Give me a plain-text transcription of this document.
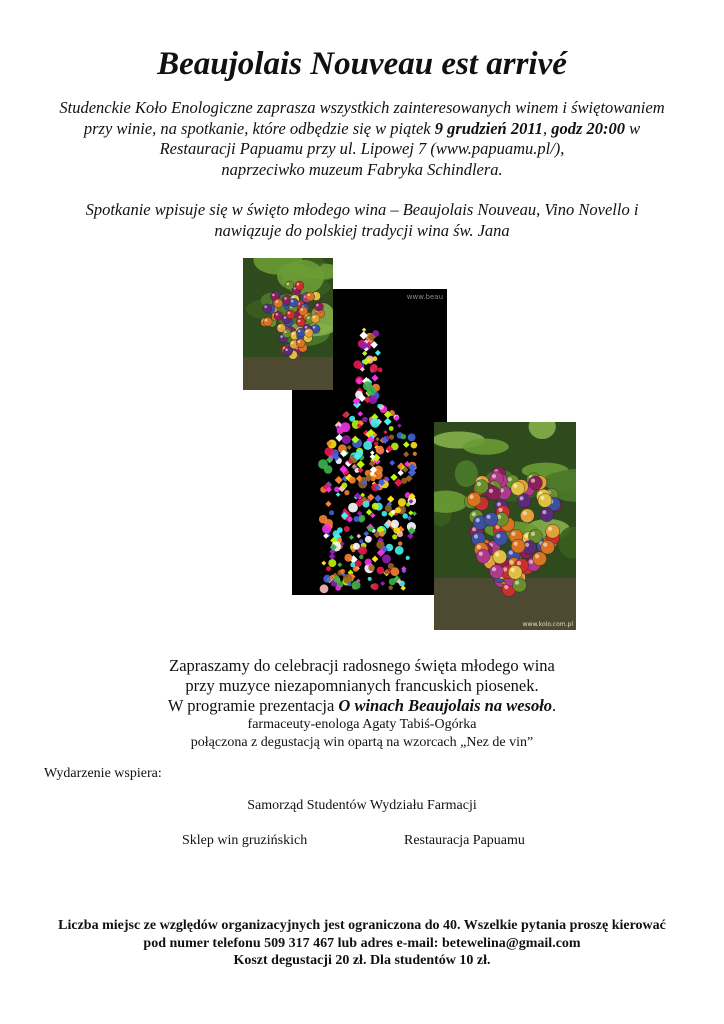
Beaujolais Nouveau est arrivé
Studenckie Koło Enologiczne zaprasza wszystkich zainteresowanych winem i świętowaniem
przy winie, na spotkanie, które odbędzie się w piątek 9 grudzień 2011, godz 20:00 w
Restauracji Papuamu przy ul. Lipowej 7 (www.papuamu.pl/),
naprzeciwko muzeum Fabryka Schindlera.
Spotkanie wpisuje się w święto młodego wina – Beaujolais Nouveau, Vino Novello i
nawiązuje do polskiej tradycji wina św. Jana
www.beau
www.kolo.com.pl
Zapraszamy do celebracji radosnego święta młodego wina
przy muzyce niezapomnianych francuskich piosenek.
W programie prezentacja O winach Beaujolais na wesoło.
farmaceuty-enologa Agaty Tabiś-Ogórka
połączona z degustacją win opartą na wzorcach „Nez de vin”
Wydarzenie wspiera:
Samorząd Studentów Wydziału Farmacji
Sklep win gruzińskich	Restauracja Papuamu
Liczba miejsc ze względów organizacyjnych jest ograniczona do 40. Wszelkie pytania proszę kierować
pod numer telefonu 509 317 467 lub adres e-mail: betewelina@gmail.com
Koszt degustacji 20 zł. Dla studentów 10 zł.
